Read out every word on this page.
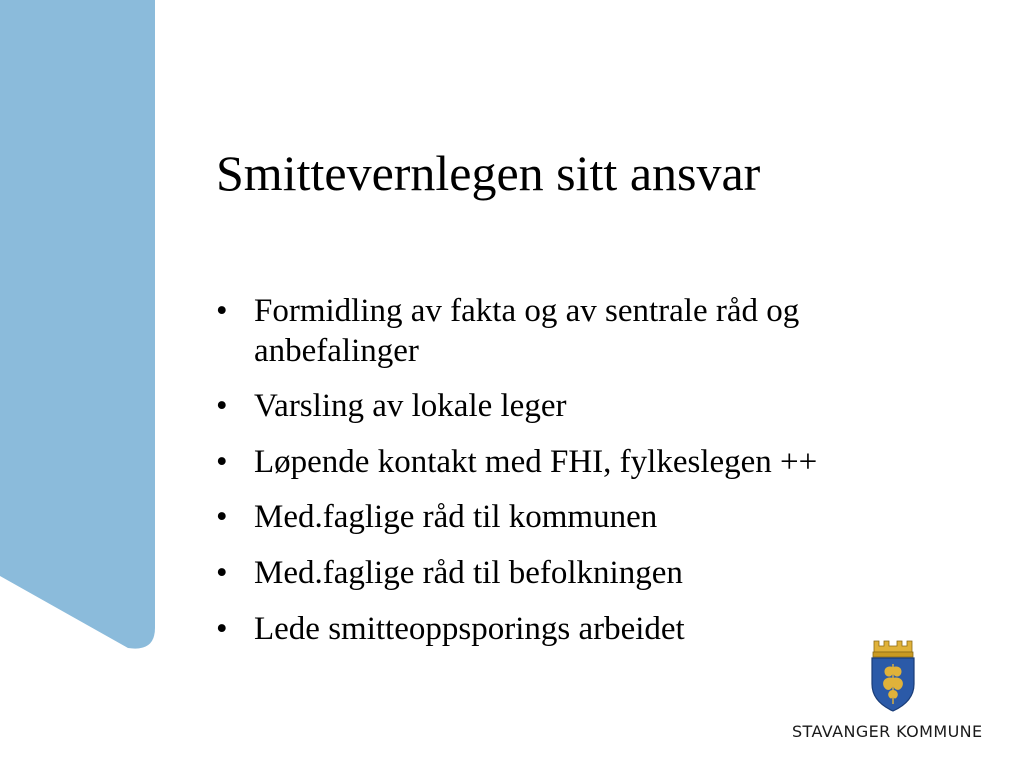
Smittevernlegen sitt ansvar
• Formidling av fakta og av sentrale råd og anbefalinger
• Varsling av lokale leger
• Løpende kontakt med FHI, fylkeslegen ++
• Med.faglige råd til kommunen
• Med.faglige råd til befolkningen
• Lede smitteoppsporings arbeidet
STAVANGER KOMMUNE
